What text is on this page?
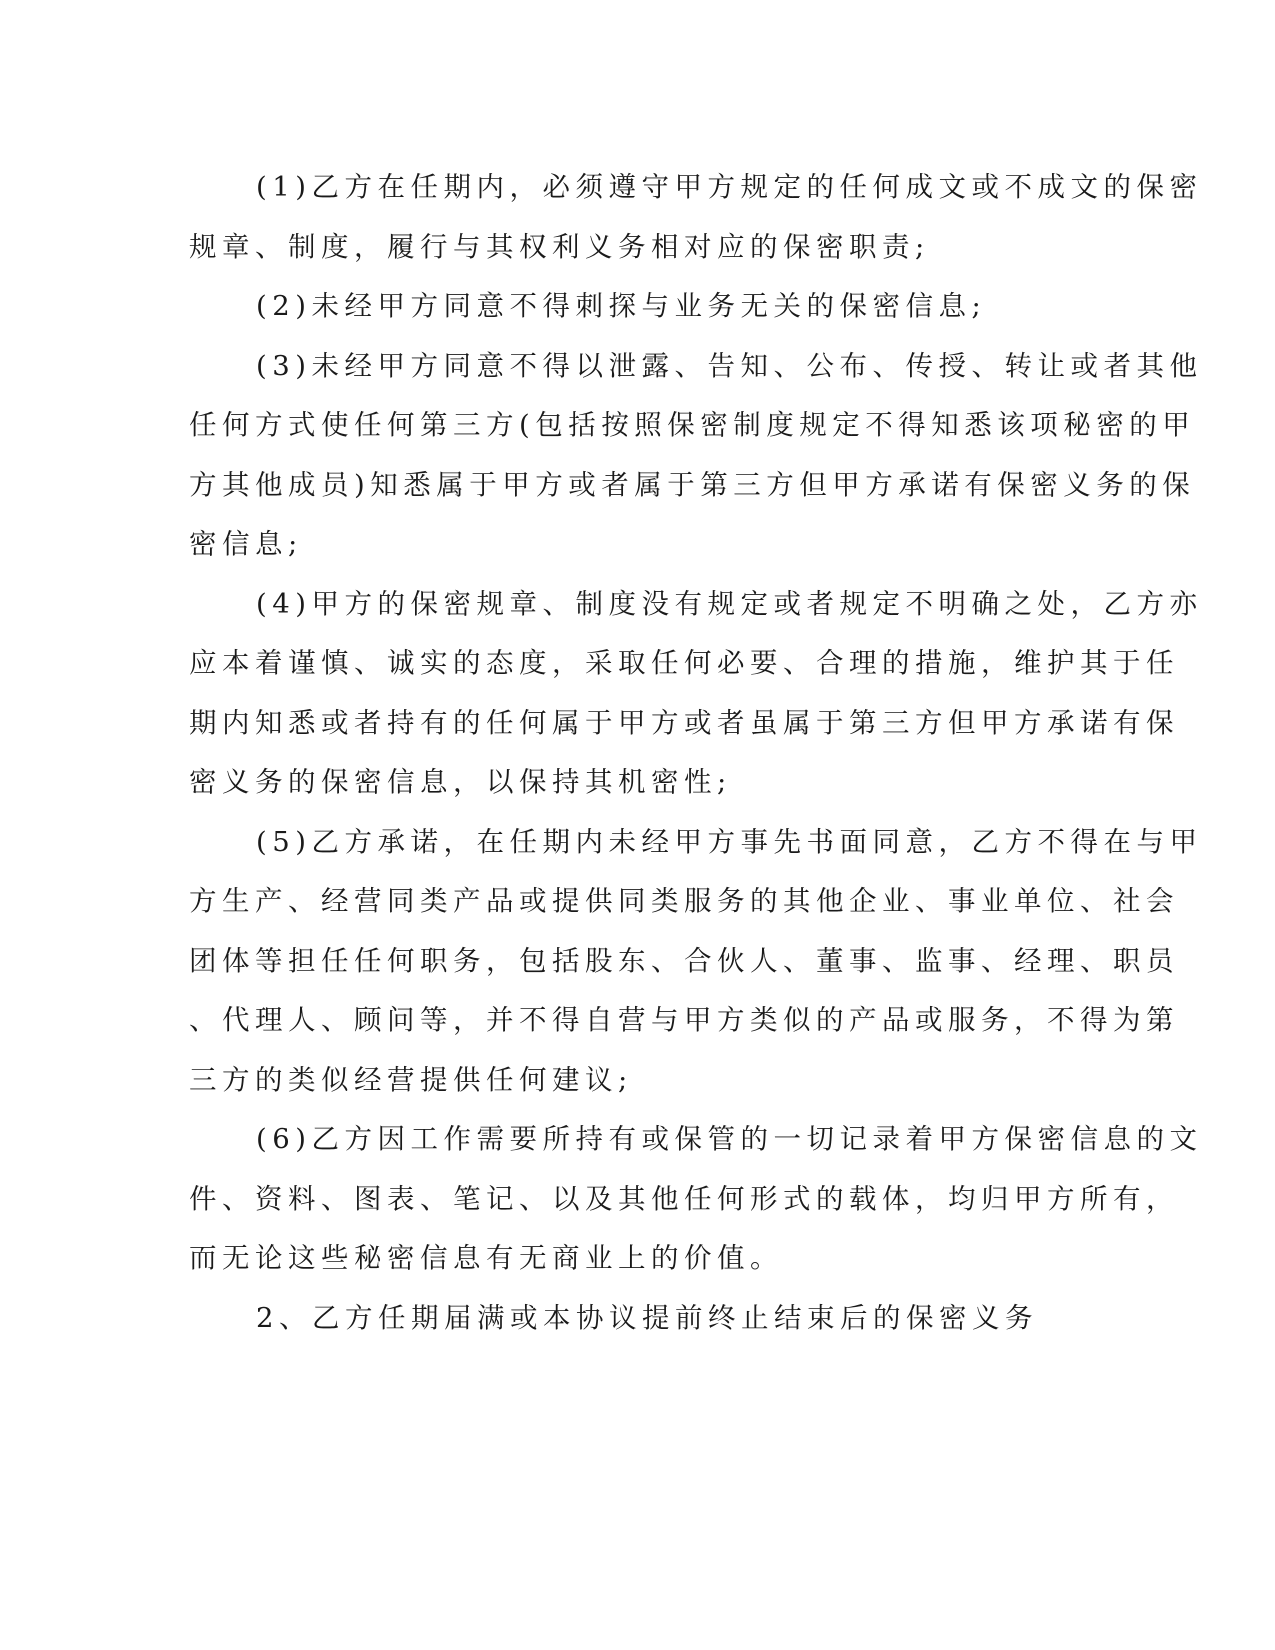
(1)乙方在任期内，必须遵守甲方规定的任何成文或不成文的保密
规章、制度，履行与其权利义务相对应的保密职责;

(2)未经甲方同意不得刺探与业务无关的保密信息;

(3)未经甲方同意不得以泄露、告知、公布、传授、转让或者其他
任何方式使任何第三方(包括按照保密制度规定不得知悉该项秘密的甲
方其他成员)知悉属于甲方或者属于第三方但甲方承诺有保密义务的保
密信息;

(4)甲方的保密规章、制度没有规定或者规定不明确之处，乙方亦
应本着谨慎、诚实的态度，采取任何必要、合理的措施，维护其于任
期内知悉或者持有的任何属于甲方或者虽属于第三方但甲方承诺有保
密义务的保密信息，以保持其机密性;

(5)乙方承诺，在任期内未经甲方事先书面同意，乙方不得在与甲
方生产、经营同类产品或提供同类服务的其他企业、事业单位、社会
团体等担任任何职务，包括股东、合伙人、董事、监事、经理、职员
、代理人、顾问等，并不得自营与甲方类似的产品或服务，不得为第
三方的类似经营提供任何建议;

(6)乙方因工作需要所持有或保管的一切记录着甲方保密信息的文
件、资料、图表、笔记、以及其他任何形式的载体，均归甲方所有，
而无论这些秘密信息有无商业上的价值。

2、乙方任期届满或本协议提前终止结束后的保密义务
